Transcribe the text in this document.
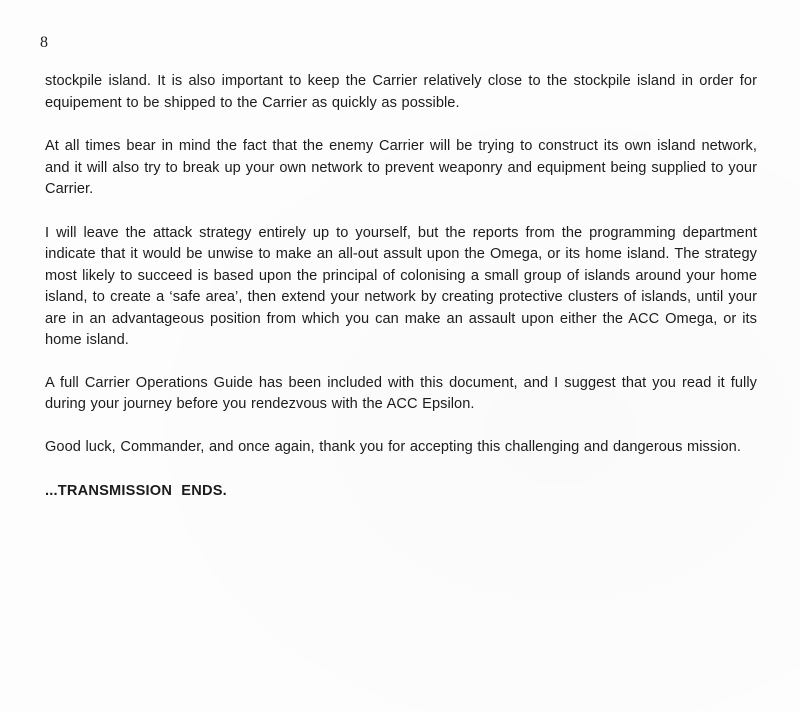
8

stockpile island. It is also important to keep the Carrier relatively close to the stockpile island in order for equipement to be shipped to the Carrier as quickly as possible.

At all times bear in mind the fact that the enemy Carrier will be trying to construct its own island network, and it will also try to break up your own network to prevent weaponry and equipment being supplied to your Carrier.

I will leave the attack strategy entirely up to yourself, but the reports from the programming department indicate that it would be unwise to make an all-out assult upon the Omega, or its home island. The strategy most likely to succeed is based upon the principal of colonising a small group of islands around your home island, to create a ‘safe area’, then extend your network by creating protective clusters of islands, until your are in an advantageous position from which you can make an assault upon either the ACC Omega, or its home island.

A full Carrier Operations Guide has been included with this document, and I suggest that you read it fully during your journey before you rendezvous with the ACC Epsilon.

Good luck, Commander, and once again, thank you for accepting this challenging and dangerous mission.

...TRANSMISSION ENDS.
